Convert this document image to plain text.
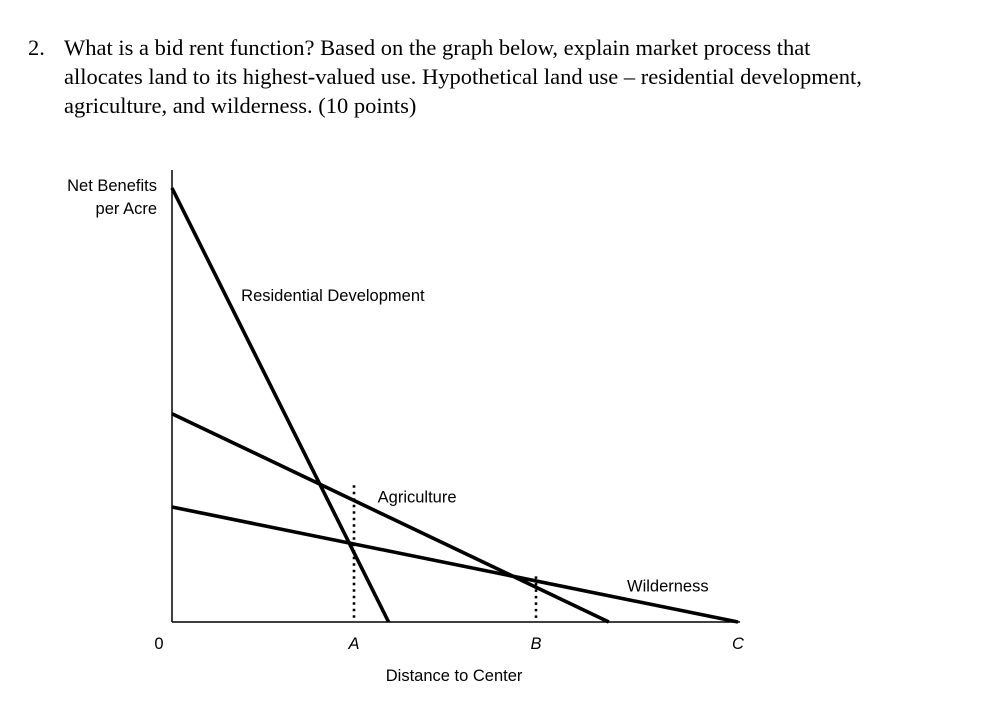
2. What is a bid rent function? Based on the graph below, explain market process that
allocates land to its highest-valued use. Hypothetical land use – residential development,
agriculture, and wilderness. (10 points)
Net Benefits
per Acre
Distance to Center
0	A	B	C
Residential Development
Agriculture
Wilderness
